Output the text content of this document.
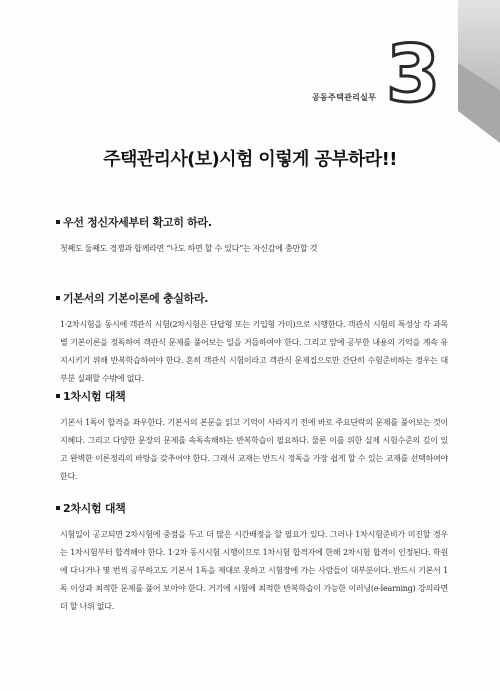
3
공동주택관리실무
주택관리사(보)시험 이렇게 공부하라!!
우선 정신자세부터 확고히 하라.
첫째도 둘째도 경쟁과 합께라면 “나도 하면 할 수 있다”는 자신감에 충만할 것
기본서의 기본이론에 충실하라.
1·2차시험을 동시에 객관식 시험(2차시험은 단답형 또는 기입형 가미)으로 시행한다. 객관식 시험의 특성상 각 과목별 기본이론을 정독하여 객관식 문제를 풀어보는 일을 거듭하여야 한다. 그리고 앞에 공부한 내용의 기억을 계속 유지시키기 위해 반복학습하여야 한다. 흔히 객관식 시험이라고 객관식 문제집으로만 간단히 수험준비하는 경우는 대부분 실패할 수밖에 없다.
1차시험 대책
기본서 1독이 합격을 좌우한다. 기본서의 본문을 읽고 기억이 사라지기 전에 바로 주요단락의 문제를 풀어보는 것이 지혜다. 그리고 다양한 문장의 문제를 속독속해하는 반복학습이 필요하다. 물론 이를 위한 실제 시험수준의 깊이 있고 완벽한 이론정리의 바탕을 갖추어야 한다. 그래서 교재는 반드시 정독을 가장 쉽게 할 수 있는 교재를 선택하여야 한다.
2차시험 대책
시험일이 공고되면 2차시험에 중점을 두고 더 많은 시간배정을 할 필요가 있다. 그러나 1차시험준비가 미진할 경우는 1차시험부터 합격해야 한다. 1·2차 동시시험 시행이므로 1차시험 합격자에 한해 2차시험 합격이 인정된다. 학원에 다니거나 몇 번씩 공부하고도 기본서 1독을 제대로 못하고 시험장에 가는 사람들이 대부분이다. 반드시 기본서 1독 이상과 최적한 문제를 풀어 보아야 한다. 거기에 시험에 최적한 반복학습이 가능한 이러닝(e-learning) 강의라면 더 할 나위 없다.
